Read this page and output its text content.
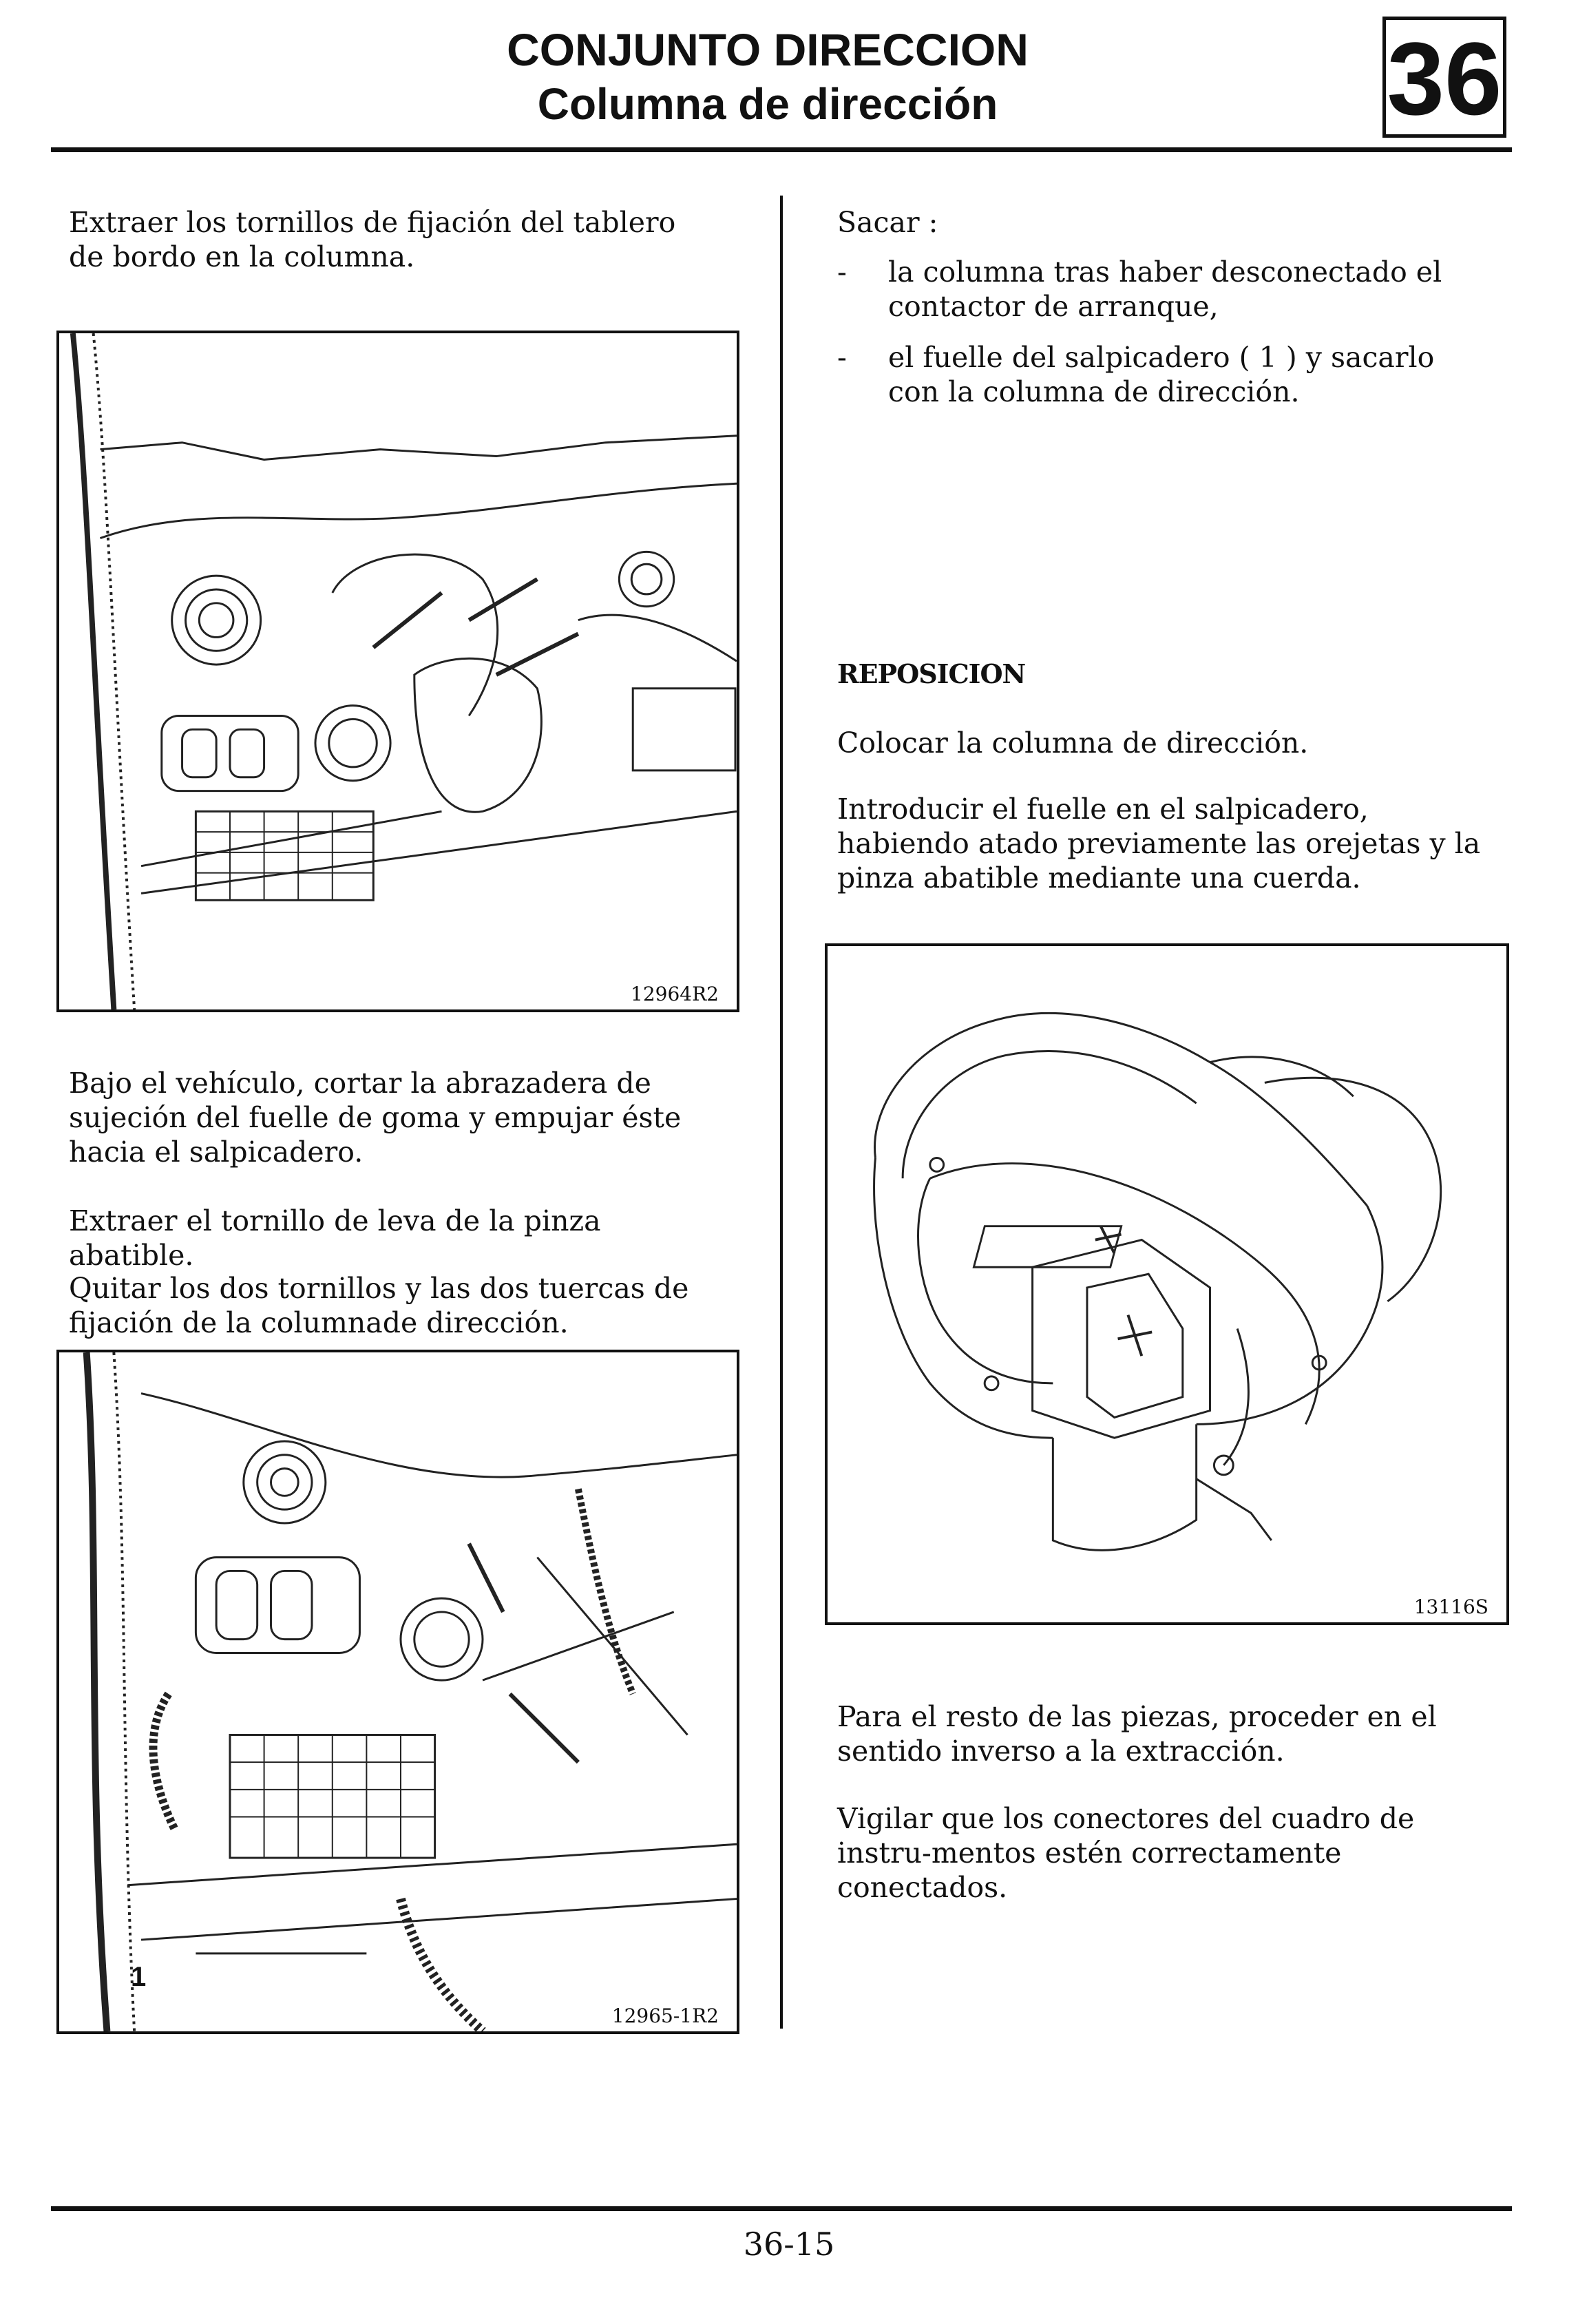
CONJUNTO DIRECCION
Columna de dirección	36
Extraer los tornillos de fijación del tablero de bordo en la columna.
12964R2
Bajo el vehículo, cortar la abrazadera de sujeción del fuelle de goma y empujar éste hacia el salpicadero.
Extraer el tornillo de leva de la pinza abatible.
Quitar los dos tornillos y las dos tuercas de fijación de la columnade dirección.
1
12965-1R2
Sacar :
- la columna tras haber desconectado el contactor de arranque,
- el fuelle del salpicadero ( 1 ) y sacarlo con la columna de dirección.
REPOSICION
Colocar la columna de dirección.
Introducir el fuelle en el salpicadero, habiendo atado previamente las orejetas y la pinza abatible mediante una cuerda.
13116S
Para el resto de las piezas, proceder en el sentido inverso a la extracción.
Vigilar que los conectores del cuadro de instru-mentos estén correctamente conectados.
36-15
